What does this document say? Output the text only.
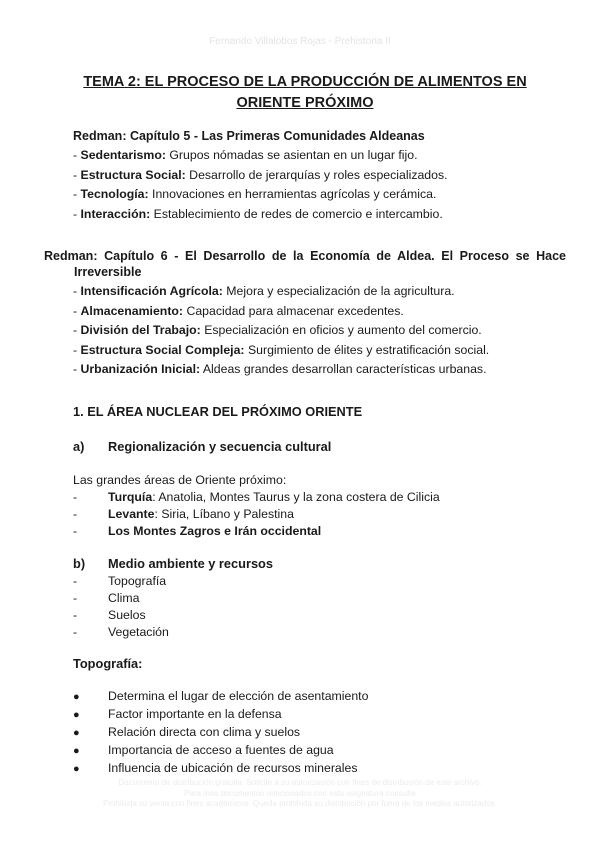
Fernando Villalobos Rojas - Prehistoria II
TEMA 2: EL PROCESO DE LA PRODUCCIÓN DE ALIMENTOS EN
ORIENTE PRÓXIMO
Redman: Capítulo 5 - Las Primeras Comunidades Aldeanas
- Sedentarismo: Grupos nómadas se asientan en un lugar fijo.
- Estructura Social: Desarrollo de jerarquías y roles especializados.
- Tecnología: Innovaciones en herramientas agrícolas y cerámica.
- Interacción: Establecimiento de redes de comercio e intercambio.
Redman: Capítulo 6 - El Desarrollo de la Economía de Aldea. El Proceso se Hace
Irreversible
- Intensificación Agrícola: Mejora y especialización de la agricultura.
- Almacenamiento: Capacidad para almacenar excedentes.
- División del Trabajo: Especialización en oficios y aumento del comercio.
- Estructura Social Compleja: Surgimiento de élites y estratificación social.
- Urbanización Inicial: Aldeas grandes desarrollan características urbanas.
1. EL ÁREA NUCLEAR DEL PRÓXIMO ORIENTE
a) Regionalización y secuencia cultural
Las grandes áreas de Oriente próximo:
-	Turquía: Anatolia, Montes Taurus y la zona costera de Cilicia
-	Levante: Siria, Líbano y Palestina
-	Los Montes Zagros e Irán occidental
b) Medio ambiente y recursos
-	Topografía
-	Clima
-	Suelos
-	Vegetación
Topografía:
● Determina el lugar de elección de asentamiento
● Factor importante en la defensa
● Relación directa con clima y suelos
● Importancia de acceso a fuentes de agua
● Influencia de ubicación de recursos minerales
Documento de distribución gratuita. Solicite a su autorización con fines de distribución de este archivo.
Para más documentos relacionados con esta asignatura consulte
Prohibida su venta con fines académicos. Queda prohibida su distribución por fuera de los medios autorizados.
